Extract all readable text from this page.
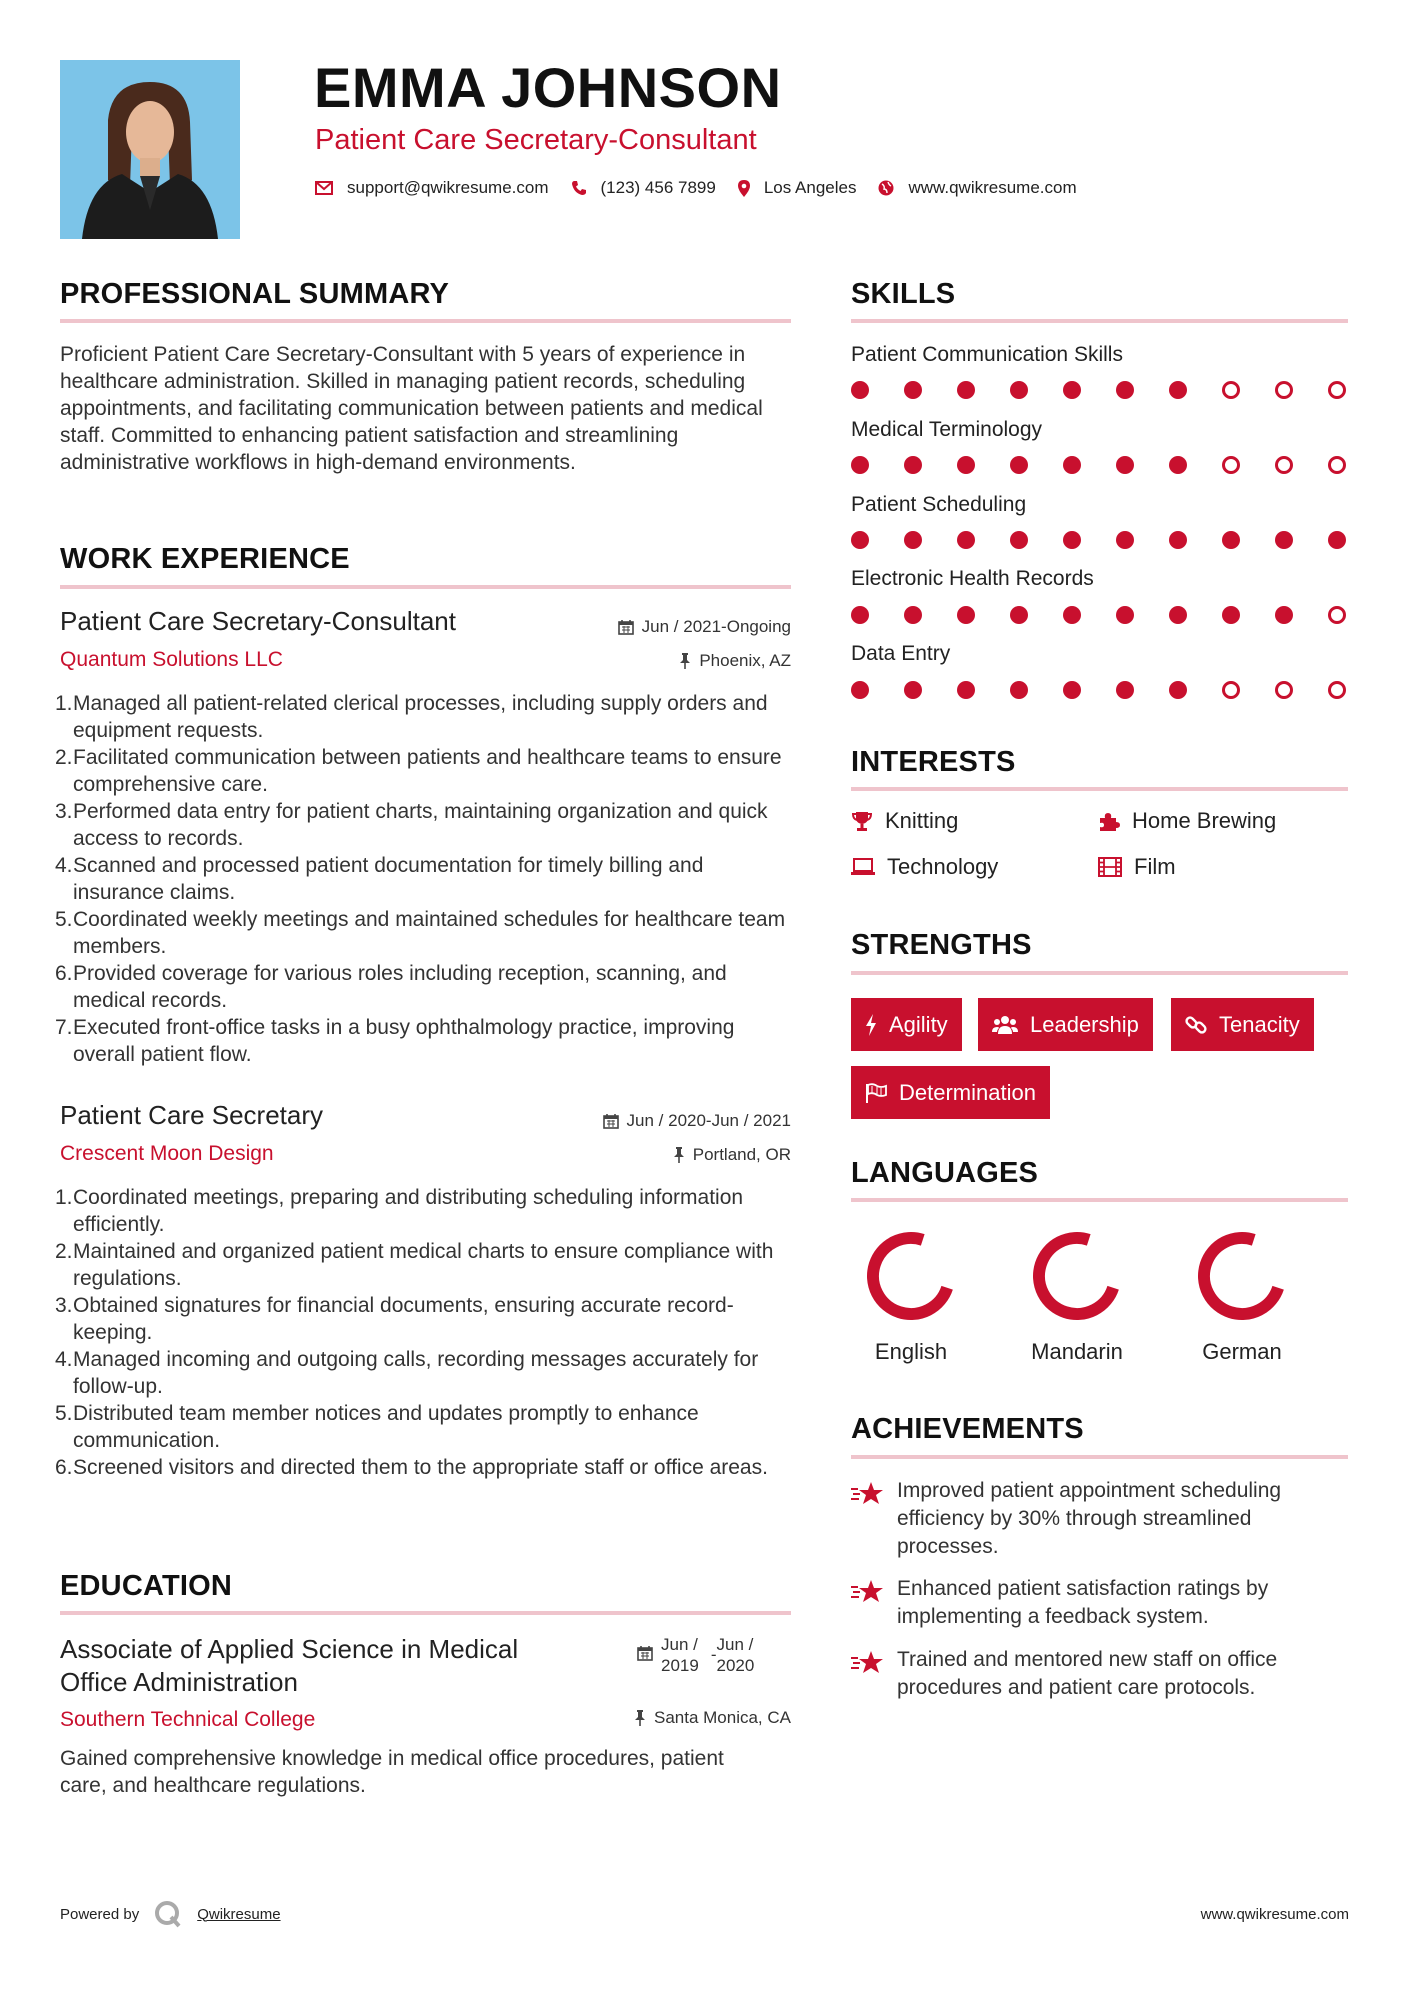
EMMA JOHNSON
Patient Care Secretary-Consultant
support@qwikresume.com	(123) 456 7899	Los Angeles	www.qwikresume.com
PROFESSIONAL SUMMARY
Proficient Patient Care Secretary-Consultant with 5 years of experience in healthcare administration. Skilled in managing patient records, scheduling appointments, and facilitating communication between patients and medical staff. Committed to enhancing patient satisfaction and streamlining administrative workflows in high-demand environments.
WORK EXPERIENCE
Patient Care Secretary-Consultant	Jun / 2021-Ongoing
Quantum Solutions LLC	Phoenix, AZ
1. Managed all patient-related clerical processes, including supply orders and equipment requests.
2. Facilitated communication between patients and healthcare teams to ensure comprehensive care.
3. Performed data entry for patient charts, maintaining organization and quick access to records.
4. Scanned and processed patient documentation for timely billing and insurance claims.
5. Coordinated weekly meetings and maintained schedules for healthcare team members.
6. Provided coverage for various roles including reception, scanning, and medical records.
7. Executed front-office tasks in a busy ophthalmology practice, improving overall patient flow.
Patient Care Secretary	Jun / 2020-Jun / 2021
Crescent Moon Design	Portland, OR
1. Coordinated meetings, preparing and distributing scheduling information efficiently.
2. Maintained and organized patient medical charts to ensure compliance with regulations.
3. Obtained signatures for financial documents, ensuring accurate record-keeping.
4. Managed incoming and outgoing calls, recording messages accurately for follow-up.
5. Distributed team member notices and updates promptly to enhance communication.
6. Screened visitors and directed them to the appropriate staff or office areas.
EDUCATION
Associate of Applied Science in Medical
Office Administration
Jun /
2019
-
Jun /
2020
Southern Technical College	Santa Monica, CA
Gained comprehensive knowledge in medical office procedures, patient care, and healthcare regulations.
SKILLS
Patient Communication Skills
Medical Terminology
Patient Scheduling
Electronic Health Records
Data Entry
INTERESTS
Knitting	Home Brewing
Technology	Film
STRENGTHS
Agility	Leadership	Tenacity
Determination
LANGUAGES
English	Mandarin	German
ACHIEVEMENTS
Improved patient appointment scheduling efficiency by 30% through streamlined processes.
Enhanced patient satisfaction ratings by implementing a feedback system.
Trained and mentored new staff on office procedures and patient care protocols.
Powered by	Qwikresume	www.qwikresume.com
